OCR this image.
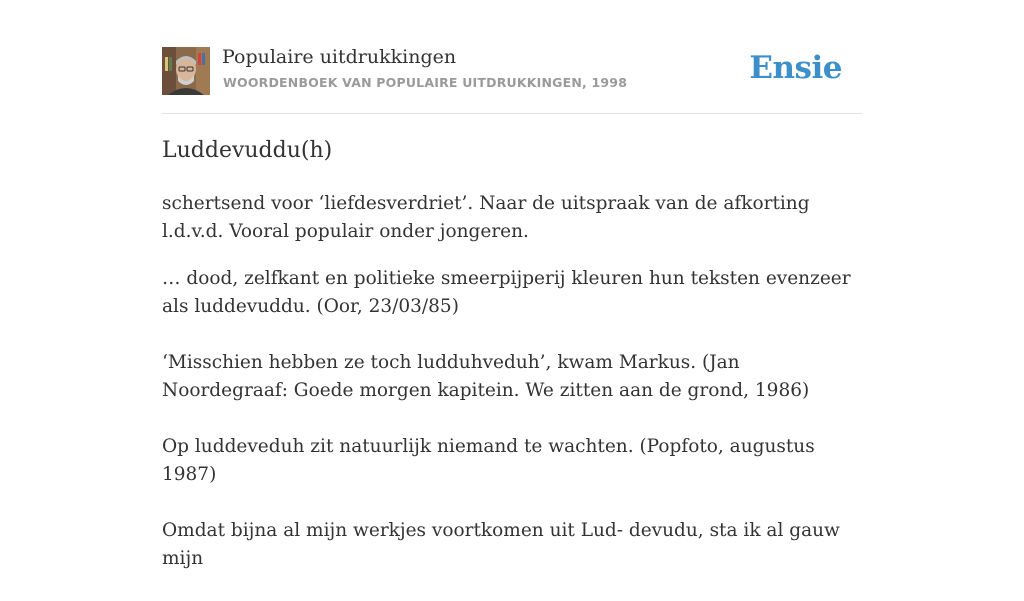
Populaire uitdrukkingen
WOORDENBOEK VAN POPULAIRE UITDRUKKINGEN, 1998	Ensie
Luddevuddu(h)

schertsend voor ‘liefdesverdriet’. Naar de uitspraak van de afkorting l.d.v.d. Vooral populair onder jongeren.

… dood, zelfkant en politieke smeerpijperij kleuren hun teksten evenzeer als luddevuddu. (Oor, 23/03/85)

‘Misschien hebben ze toch ludduhveduh’, kwam Markus. (Jan Noordegraaf: Goede morgen kapitein. We zitten aan de grond, 1986)

Op luddeveduh zit natuurlijk niemand te wachten. (Popfoto, augustus 1987)

Omdat bijna al mijn werkjes voortkomen uit Lud- devudu, sta ik al gauw mijn
